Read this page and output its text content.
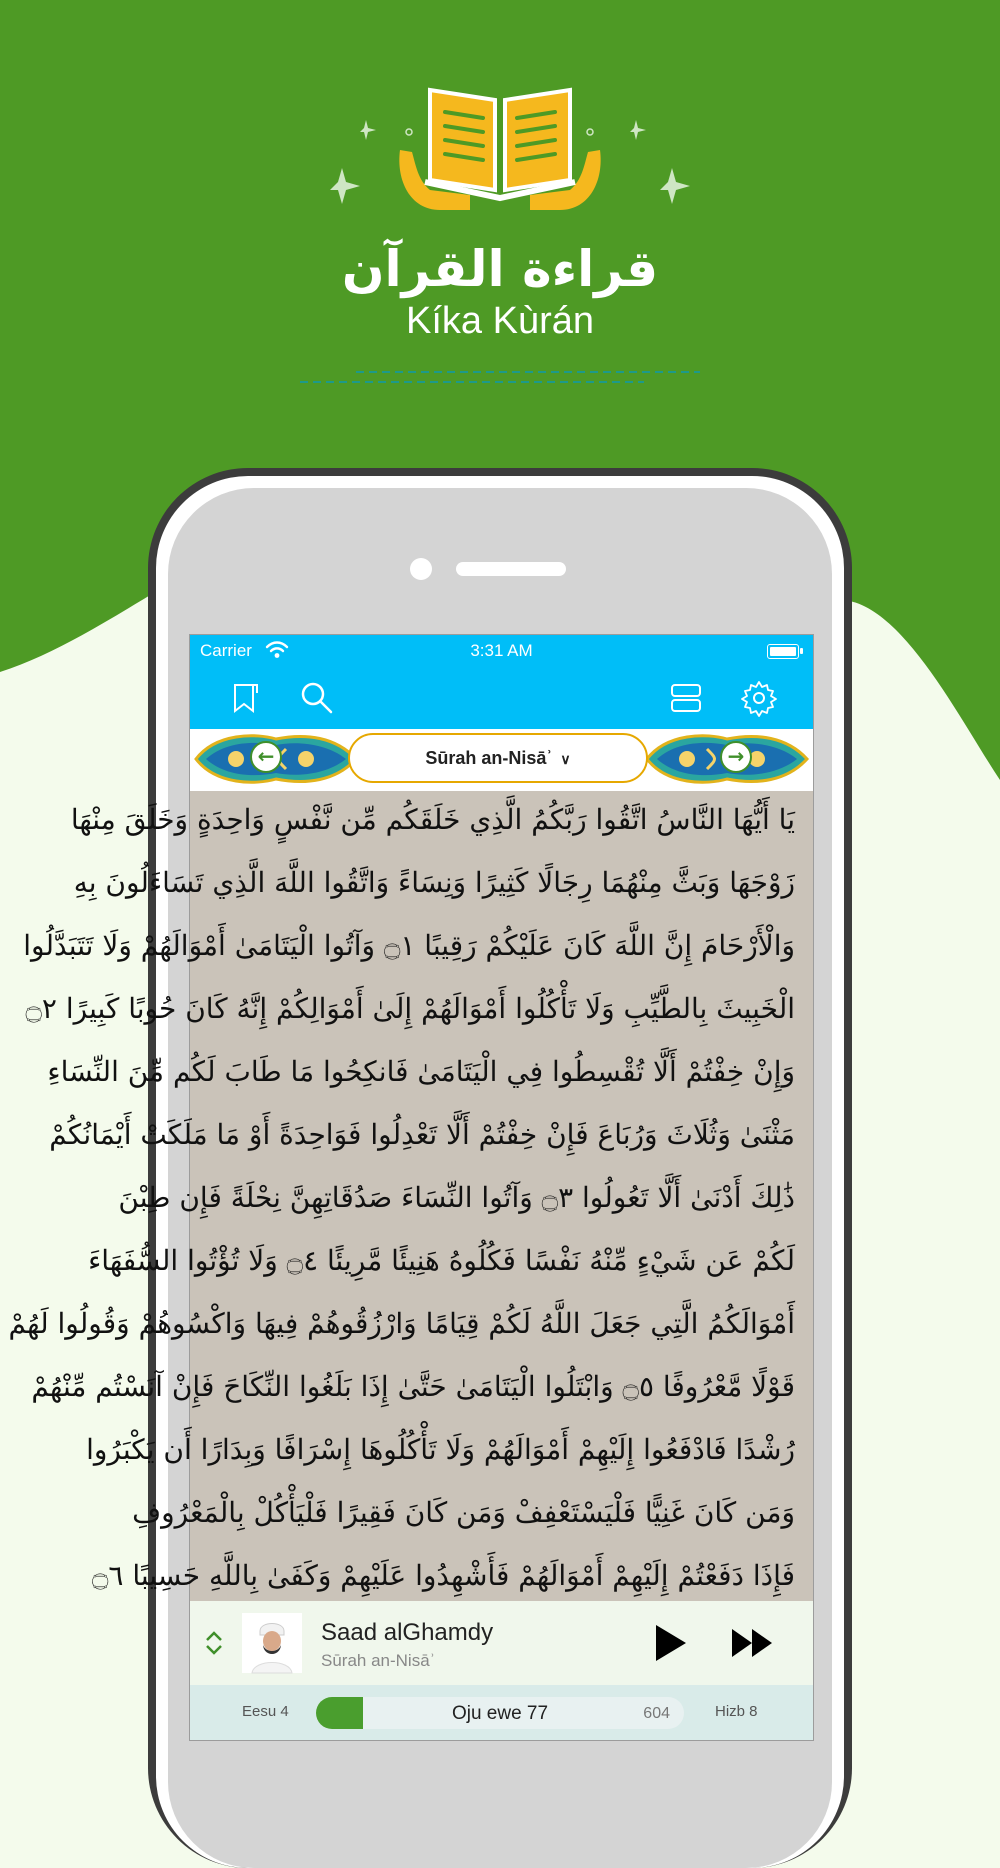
قراءة القرآن
Kíka Kùrán
Carrier	3:31 AM
←	Sūrah an-Nisāʾ ∨	→
يَا أَيُّهَا النَّاسُ اتَّقُوا رَبَّكُمُ الَّذِي خَلَقَكُم مِّن نَّفْسٍ وَاحِدَةٍ وَخَلَقَ مِنْهَا
زَوْجَهَا وَبَثَّ مِنْهُمَا رِجَالًا كَثِيرًا وَنِسَاءً وَاتَّقُوا اللَّهَ الَّذِي تَسَاءَلُونَ بِهِ
وَالْأَرْحَامَ إِنَّ اللَّهَ كَانَ عَلَيْكُمْ رَقِيبًا ۝١ وَآتُوا الْيَتَامَىٰ أَمْوَالَهُمْ وَلَا تَتَبَدَّلُوا
الْخَبِيثَ بِالطَّيِّبِ وَلَا تَأْكُلُوا أَمْوَالَهُمْ إِلَىٰ أَمْوَالِكُمْ إِنَّهُ كَانَ حُوبًا كَبِيرًا ۝٢
وَإِنْ خِفْتُمْ أَلَّا تُقْسِطُوا فِي الْيَتَامَىٰ فَانكِحُوا مَا طَابَ لَكُم مِّنَ النِّسَاءِ
مَثْنَىٰ وَثُلَاثَ وَرُبَاعَ فَإِنْ خِفْتُمْ أَلَّا تَعْدِلُوا فَوَاحِدَةً أَوْ مَا مَلَكَتْ أَيْمَانُكُمْ
ذَٰلِكَ أَدْنَىٰ أَلَّا تَعُولُوا ۝٣ وَآتُوا النِّسَاءَ صَدُقَاتِهِنَّ نِحْلَةً فَإِن طِبْنَ
لَكُمْ عَن شَيْءٍ مِّنْهُ نَفْسًا فَكُلُوهُ هَنِيئًا مَّرِيئًا ۝٤ وَلَا تُؤْتُوا السُّفَهَاءَ
أَمْوَالَكُمُ الَّتِي جَعَلَ اللَّهُ لَكُمْ قِيَامًا وَارْزُقُوهُمْ فِيهَا وَاكْسُوهُمْ وَقُولُوا لَهُمْ
قَوْلًا مَّعْرُوفًا ۝٥ وَابْتَلُوا الْيَتَامَىٰ حَتَّىٰ إِذَا بَلَغُوا النِّكَاحَ فَإِنْ آنَسْتُم مِّنْهُمْ
رُشْدًا فَادْفَعُوا إِلَيْهِمْ أَمْوَالَهُمْ وَلَا تَأْكُلُوهَا إِسْرَافًا وَبِدَارًا أَن يَكْبَرُوا
وَمَن كَانَ غَنِيًّا فَلْيَسْتَعْفِفْ وَمَن كَانَ فَقِيرًا فَلْيَأْكُلْ بِالْمَعْرُوفِ
فَإِذَا دَفَعْتُمْ إِلَيْهِمْ أَمْوَالَهُمْ فَأَشْهِدُوا عَلَيْهِمْ وَكَفَىٰ بِاللَّهِ حَسِيبًا ۝٦
Saad alGhamdy
Sūrah an-Nisāʾ
Eesu 4	Oju ewe 77	604	Hizb 8
